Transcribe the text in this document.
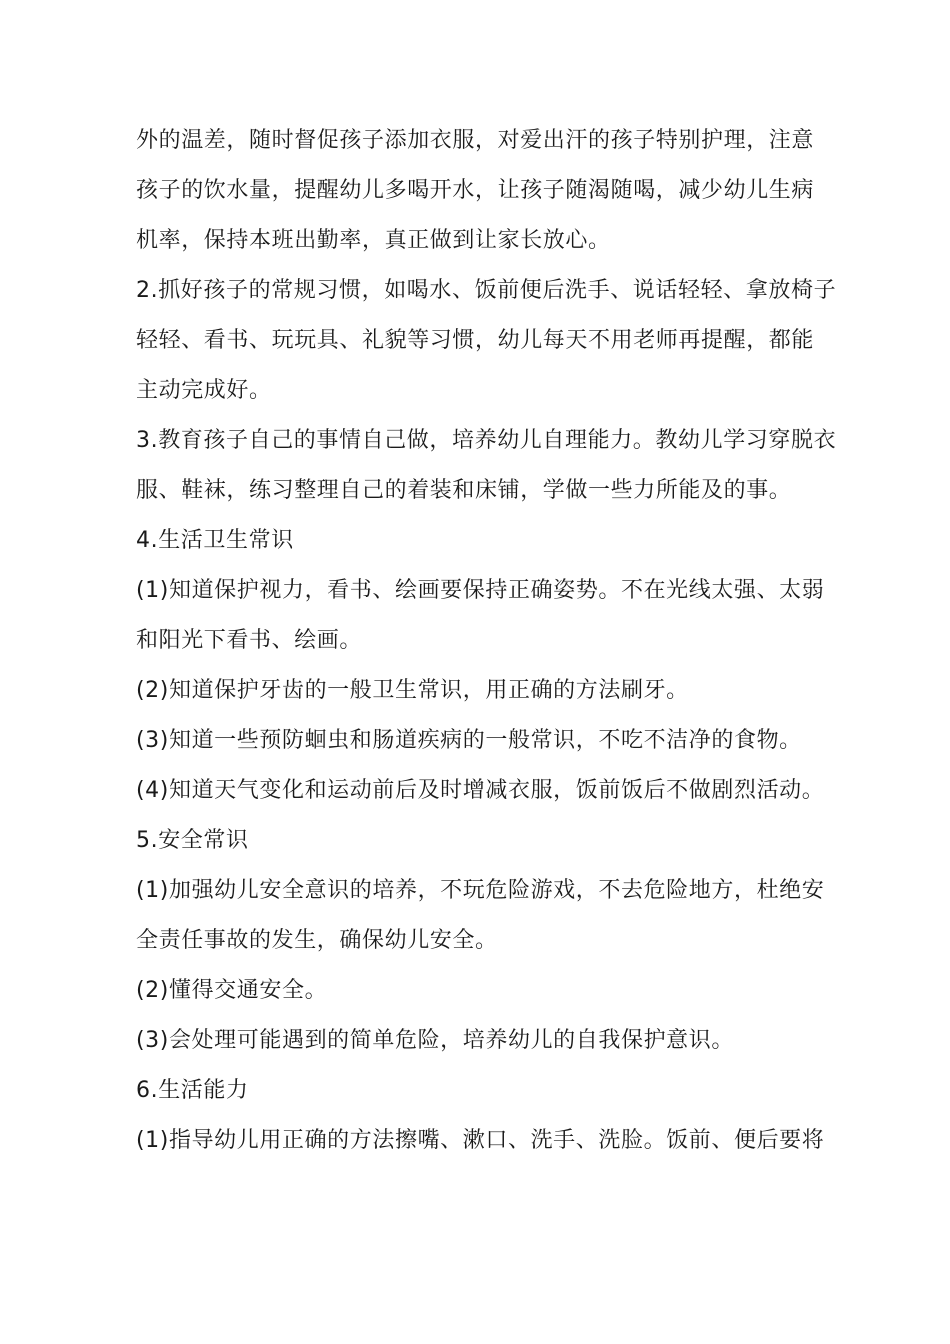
外的温差，随时督促孩子添加衣服，对爱出汗的孩子特别护理，注意
孩子的饮水量，提醒幼儿多喝开水，让孩子随渴随喝，减少幼儿生病
机率，保持本班出勤率，真正做到让家长放心。
2.抓好孩子的常规习惯，如喝水、饭前便后洗手、说话轻轻、拿放椅子
轻轻、看书、玩玩具、礼貌等习惯，幼儿每天不用老师再提醒，都能
主动完成好。
3.教育孩子自己的事情自己做，培养幼儿自理能力。教幼儿学习穿脱衣
服、鞋袜，练习整理自己的着装和床铺，学做一些力所能及的事。
4.生活卫生常识
(1)知道保护视力，看书、绘画要保持正确姿势。不在光线太强、太弱
和阳光下看书、绘画。
(2)知道保护牙齿的一般卫生常识，用正确的方法刷牙。
(3)知道一些预防蛔虫和肠道疾病的一般常识，不吃不洁净的食物。
(4)知道天气变化和运动前后及时增减衣服，饭前饭后不做剧烈活动。
5.安全常识
(1)加强幼儿安全意识的培养，不玩危险游戏，不去危险地方，杜绝安
全责任事故的发生，确保幼儿安全。
(2)懂得交通安全。
(3)会处理可能遇到的简单危险，培养幼儿的自我保护意识。
6.生活能力
(1)指导幼儿用正确的方法擦嘴、漱口、洗手、洗脸。饭前、便后要将
